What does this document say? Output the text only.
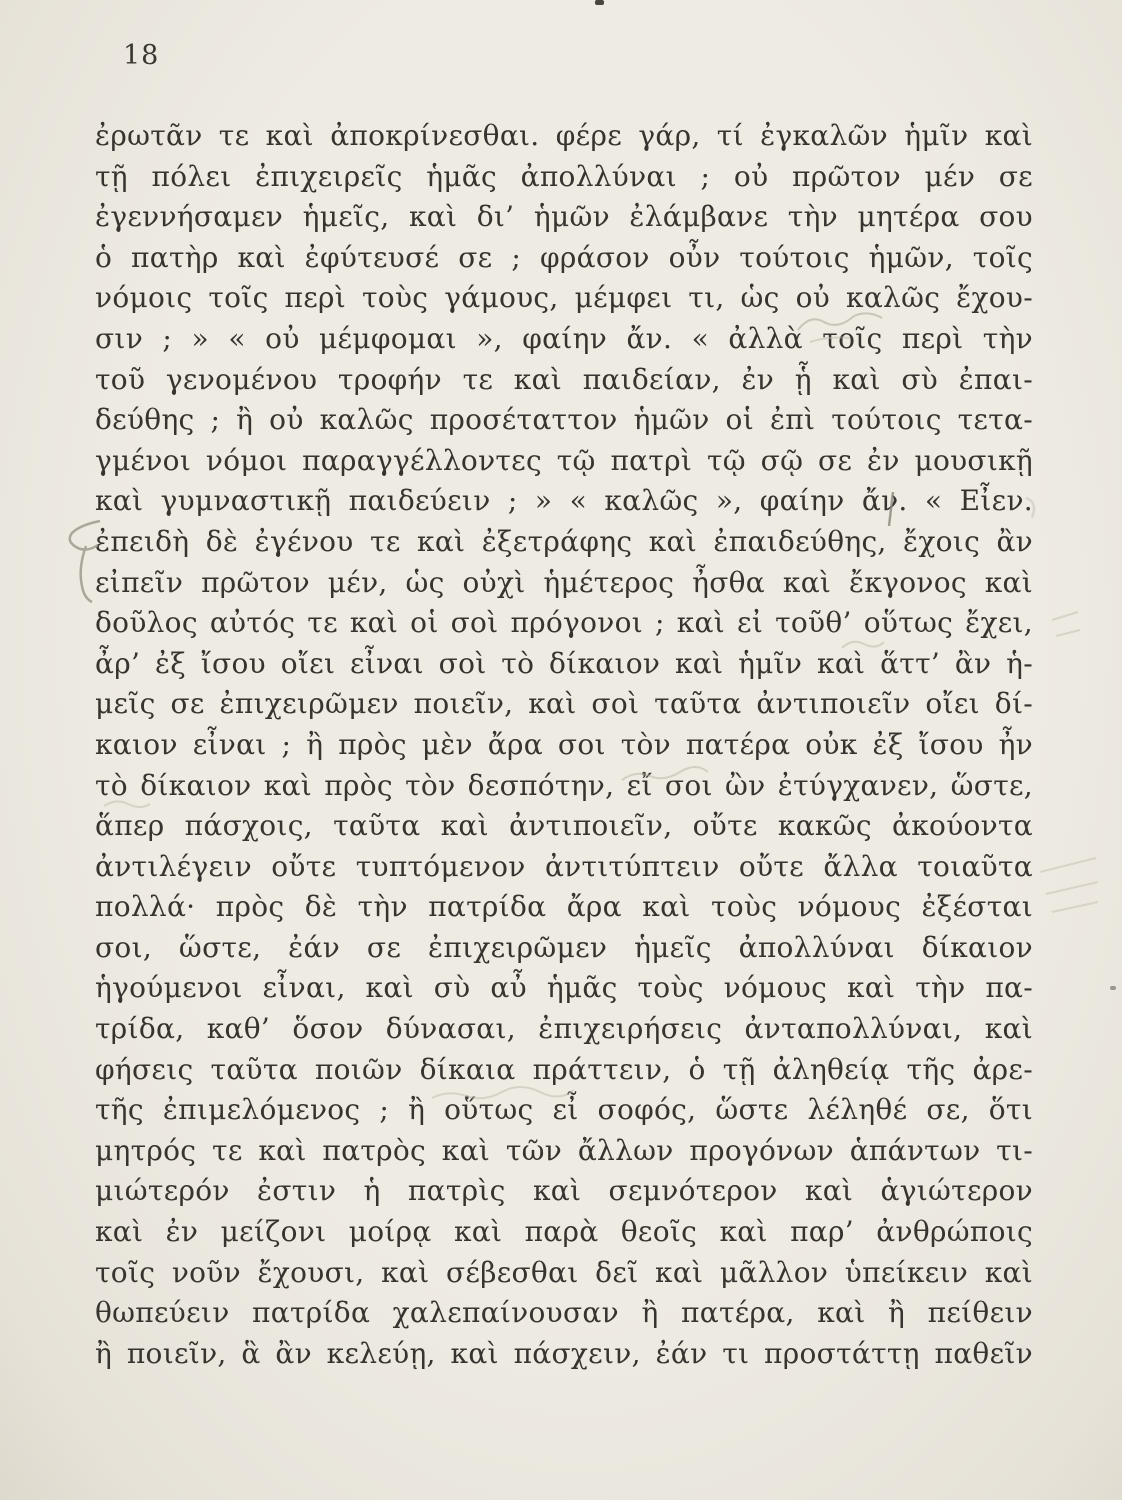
18
ἐρωτᾶν τε καὶ ἀποκρίνεσθαι. φέρε γάρ, τί ἐγκαλῶν ἡμῖν καὶ
τῇ πόλει ἐπιχειρεῖς ἡμᾶς ἀπολλύναι ; οὐ πρῶτον μέν σε
ἐγεννήσαμεν ἡμεῖς, καὶ δι’ ἡμῶν ἐλάμβανε τὴν μητέρα σου
ὁ πατὴρ καὶ ἐφύτευσέ σε ; φράσον οὖν τούτοις ἡμῶν, τοῖς
νόμοις τοῖς περὶ τοὺς γάμους, μέμφει τι, ὡς οὐ καλῶς ἔχου-
σιν ; » « οὐ μέμφομαι », φαίην ἄν. « ἀλλὰ τοῖς περὶ τὴν
τοῦ γενομένου τροφήν τε καὶ παιδείαν, ἐν ᾗ καὶ σὺ ἐπαι-
δεύθης ; ἢ οὐ καλῶς προσέταττον ἡμῶν οἱ ἐπὶ τούτοις τετα-
γμένοι νόμοι παραγγέλλοντες τῷ πατρὶ τῷ σῷ σε ἐν μουσικῇ
καὶ γυμναστικῇ παιδεύειν ; » « καλῶς », φαίην ἄν. « Εἶεν.
ἐπειδὴ δὲ ἐγένου τε καὶ ἐξετράφης καὶ ἐπαιδεύθης, ἔχοις ἂν
εἰπεῖν πρῶτον μέν, ὡς οὐχὶ ἡμέτερος ἦσθα καὶ ἔκγονος καὶ
δοῦλος αὐτός τε καὶ οἱ σοὶ πρόγονοι ; καὶ εἰ τοῦθ’ οὕτως ἔχει,
ἆρ’ ἐξ ἴσου οἴει εἶναι σοὶ τὸ δίκαιον καὶ ἡμῖν καὶ ἅττ’ ἂν ἡ-
μεῖς σε ἐπιχειρῶμεν ποιεῖν, καὶ σοὶ ταῦτα ἀντιποιεῖν οἴει δί-
καιον εἶναι ; ἢ πρὸς μὲν ἄρα σοι τὸν πατέρα οὐκ ἐξ ἴσου ἦν
τὸ δίκαιον καὶ πρὸς τὸν δεσπότην, εἴ σοι ὢν ἐτύγχανεν, ὥστε,
ἅπερ πάσχοις, ταῦτα καὶ ἀντιποιεῖν, οὔτε κακῶς ἀκούοντα
ἀντιλέγειν οὔτε τυπτόμενον ἀντιτύπτειν οὔτε ἄλλα τοιαῦτα
πολλά· πρὸς δὲ τὴν πατρίδα ἄρα καὶ τοὺς νόμους ἐξέσται
σοι, ὥστε, ἐάν σε ἐπιχειρῶμεν ἡμεῖς ἀπολλύναι δίκαιον
ἡγούμενοι εἶναι, καὶ σὺ αὖ ἡμᾶς τοὺς νόμους καὶ τὴν πα-
τρίδα, καθ’ ὅσον δύνασαι, ἐπιχειρήσεις ἀνταπολλύναι, καὶ
φήσεις ταῦτα ποιῶν δίκαια πράττειν, ὁ τῇ ἀληθείᾳ τῆς ἀρε-
τῆς ἐπιμελόμενος ; ἢ οὕτως εἶ σοφός, ὥστε λέληθέ σε, ὅτι
μητρός τε καὶ πατρὸς καὶ τῶν ἄλλων προγόνων ἁπάντων τι-
μιώτερόν ἐστιν ἡ πατρὶς καὶ σεμνότερον καὶ ἁγιώτερον
καὶ ἐν μείζονι μοίρᾳ καὶ παρὰ θεοῖς καὶ παρ’ ἀνθρώποις
τοῖς νοῦν ἔχουσι, καὶ σέβεσθαι δεῖ καὶ μᾶλλον ὑπείκειν καὶ
θωπεύειν πατρίδα χαλεπαίνουσαν ἢ πατέρα, καὶ ἢ πείθειν
ἢ ποιεῖν, ἃ ἂν κελεύῃ, καὶ πάσχειν, ἐάν τι προστάττῃ παθεῖν
